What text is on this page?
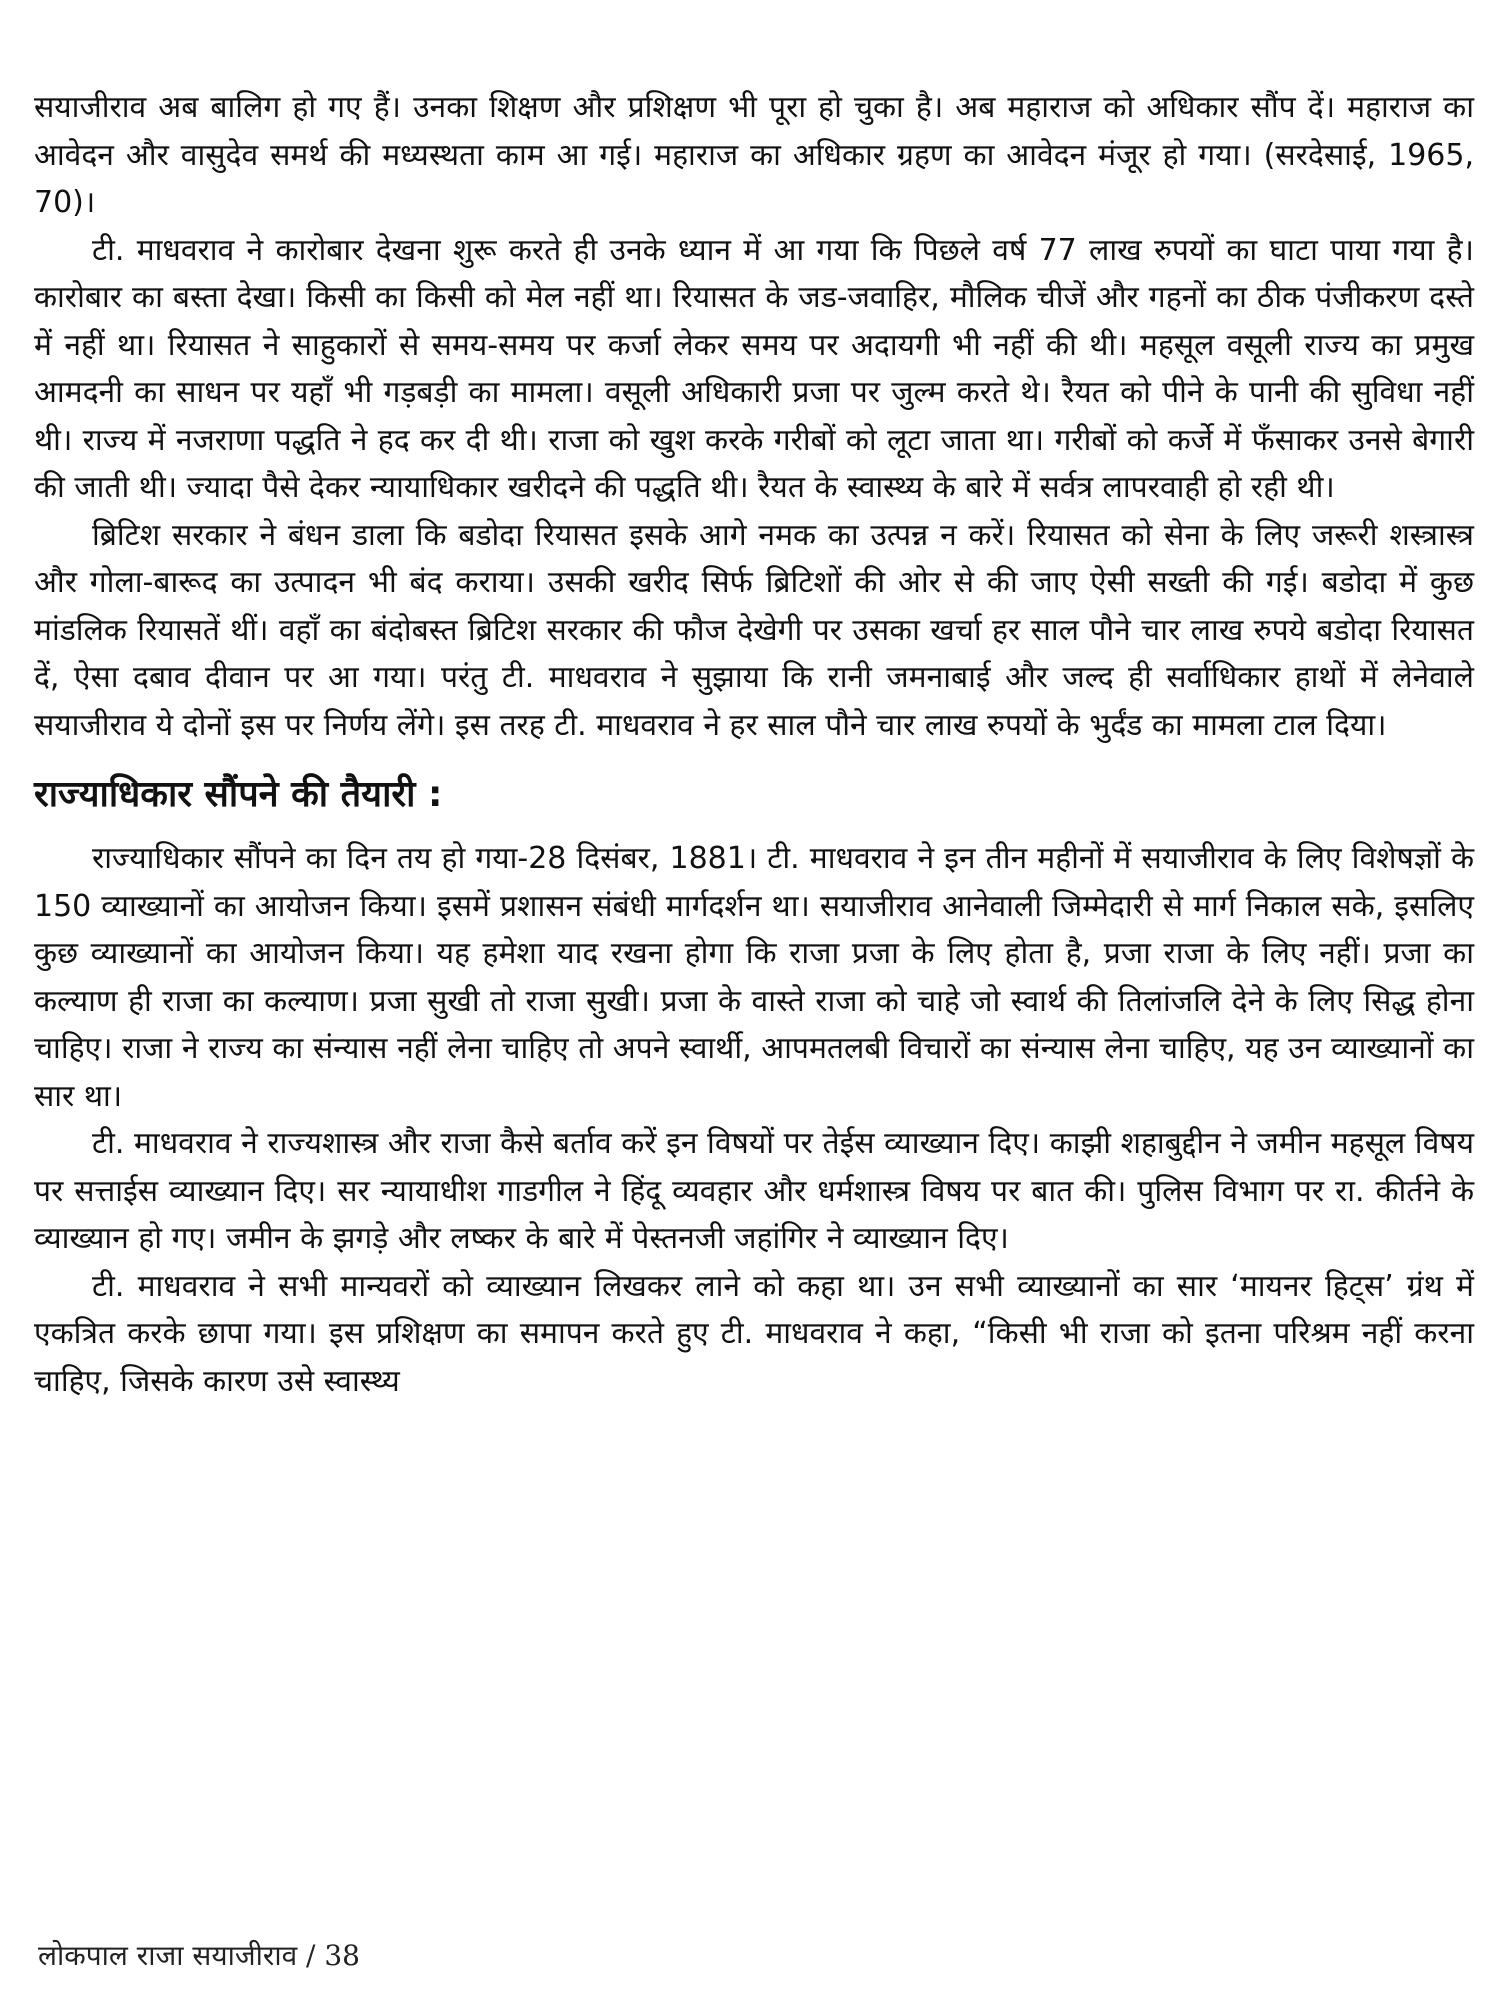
सयाजीराव अब बालिग हो गए हैं। उनका शिक्षण और प्रशिक्षण भी पूरा हो चुका है। अब महाराज को अधिकार सौंप दें। महाराज का आवेदन और वासुदेव समर्थ की मध्यस्थता काम आ गई। महाराज का अधिकार ग्रहण का आवेदन मंजूर हो गया। (सरदेसाई, 1965, 70)।

टी. माधवराव ने कारोबार देखना शुरू करते ही उनके ध्यान में आ गया कि पिछले वर्ष 77 लाख रुपयों का घाटा पाया गया है। कारोबार का बस्ता देखा। किसी का किसी को मेल नहीं था। रियासत के जड-जवाहिर, मौलिक चीजें और गहनों का ठीक पंजीकरण दस्ते में नहीं था। रियासत ने साहुकारों से समय-समय पर कर्जा लेकर समय पर अदायगी भी नहीं की थी। महसूल वसूली राज्य का प्रमुख आमदनी का साधन पर यहाँ भी गड़बड़ी का मामला। वसूली अधिकारी प्रजा पर जुल्म करते थे। रैयत को पीने के पानी की सुविधा नहीं थी। राज्य में नजराणा पद्धति ने हद कर दी थी। राजा को खुश करके गरीबों को लूटा जाता था। गरीबों को कर्जे में फँसाकर उनसे बेगारी की जाती थी। ज्यादा पैसे देकर न्यायाधिकार खरीदने की पद्धति थी। रैयत के स्वास्थ्य के बारे में सर्वत्र लापरवाही हो रही थी।

ब्रिटिश सरकार ने बंधन डाला कि बडोदा रियासत इसके आगे नमक का उत्पन्न न करें। रियासत को सेना के लिए जरूरी शस्त्रास्त्र और गोला-बारूद का उत्पादन भी बंद कराया। उसकी खरीद सिर्फ ब्रिटिशों की ओर से की जाए ऐसी सख्ती की गई। बडोदा में कुछ मांडलिक रियासतें थीं। वहाँ का बंदोबस्त ब्रिटिश सरकार की फौज देखेगी पर उसका खर्चा हर साल पौने चार लाख रुपये बडोदा रियासत दें, ऐसा दबाव दीवान पर आ गया। परंतु टी. माधवराव ने सुझाया कि रानी जमनाबाई और जल्द ही सर्वाधिकार हाथों में लेनेवाले सयाजीराव ये दोनों इस पर निर्णय लेंगे। इस तरह टी. माधवराव ने हर साल पौने चार लाख रुपयों के भुर्दंड का मामला टाल दिया।

राज्याधिकार सौंपने की तैयारी :

राज्याधिकार सौंपने का दिन तय हो गया-28 दिसंबर, 1881। टी. माधवराव ने इन तीन महीनों में सयाजीराव के लिए विशेषज्ञों के 150 व्याख्यानों का आयोजन किया। इसमें प्रशासन संबंधी मार्गदर्शन था। सयाजीराव आनेवाली जिम्मेदारी से मार्ग निकाल सके, इसलिए कुछ व्याख्यानों का आयोजन किया। यह हमेशा याद रखना होगा कि राजा प्रजा के लिए होता है, प्रजा राजा के लिए नहीं। प्रजा का कल्याण ही राजा का कल्याण। प्रजा सुखी तो राजा सुखी। प्रजा के वास्ते राजा को चाहे जो स्वार्थ की तिलांजलि देने के लिए सिद्ध होना चाहिए। राजा ने राज्य का संन्यास नहीं लेना चाहिए तो अपने स्वार्थी, आपमतलबी विचारों का संन्यास लेना चाहिए, यह उन व्याख्यानों का सार था।

टी. माधवराव ने राज्यशास्त्र और राजा कैसे बर्ताव करें इन विषयों पर तेईस व्याख्यान दिए। काझी शहाबुद्दीन ने जमीन महसूल विषय पर सत्ताईस व्याख्यान दिए। सर न्यायाधीश गाडगील ने हिंदू व्यवहार और धर्मशास्त्र विषय पर बात की। पुलिस विभाग पर रा. कीर्तने के व्याख्यान हो गए। जमीन के झगड़े और लष्कर के बारे में पेस्तनजी जहांगिर ने व्याख्यान दिए।

टी. माधवराव ने सभी मान्यवरों को व्याख्यान लिखकर लाने को कहा था। उन सभी व्याख्यानों का सार ‘मायनर हिट्स’ ग्रंथ में एकत्रित करके छापा गया। इस प्रशिक्षण का समापन करते हुए टी. माधवराव ने कहा, “किसी भी राजा को इतना परिश्रम नहीं करना चाहिए, जिसके कारण उसे स्वास्थ्य

लोकपाल राजा सयाजीराव / 38
